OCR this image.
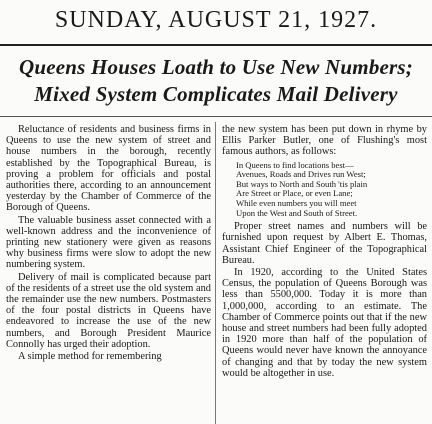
SUNDAY, AUGUST 21, 1927.
Queens Houses Loath to Use New Numbers;
Mixed System Complicates Mail Delivery

Reluctance of residents and business firms in Queens to use the new system of street and house numbers in the borough, recently established by the Topographical Bureau, is proving a problem for officials and postal authorities there, according to an announcement yesterday by the Chamber of Commerce of the Borough of Queens.

The valuable business asset connected with a well-known address and the inconvenience of printing new stationery were given as reasons why business firms were slow to adopt the new numbering system.

Delivery of mail is complicated because part of the residents of a street use the old system and the remainder use the new numbers. Postmasters of the four postal districts in Queens have endeavored to increase the use of the new numbers, and Borough President Maurice Connolly has urged their adoption.

A simple method for remembering

the new system has been put down in rhyme by Ellis Parker Butler, one of Flushing's most famous authors, as follows:

In Queens to find locations best—
Avenues, Roads and Drives run West;
But ways to North and South 'tis plain
Are Street or Place, or even Lane;
While even numbers you will meet
Upon the West and South of Street.

Proper street names and numbers will be furnished upon request by Albert E. Thomas, Assistant Chief Engineer of the Topographical Bureau.

In 1920, according to the United States Census, the population of Queens Borough was less than 5500,000. Today it is more than 1,000,000, according to an estimate. The Chamber of Commerce points out that if the new house and street numbers had been fully adopted in 1920 more than half of the population of Queens would never have known the annoyance of changing and that by today the new system would be altogether in use.
